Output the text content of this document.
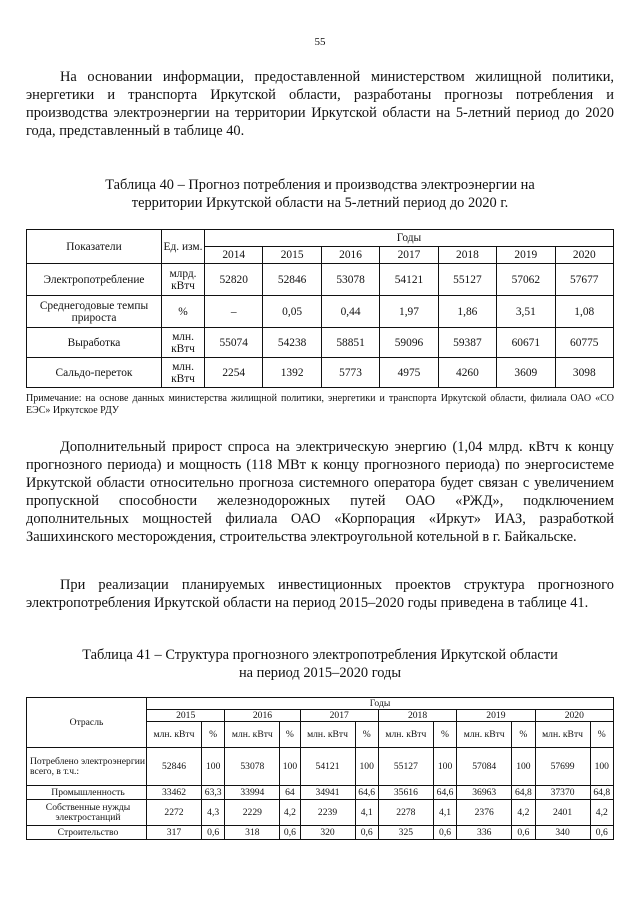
55
На основании информации, предоставленной министерством жилищной политики, энергетики и транспорта Иркутской области, разработаны прогнозы потребления и производства электроэнергии на территории Иркутской области на 5-летний период до 2020 года, представленный в таблице 40.
Таблица 40 – Прогноз потребления и производства электроэнергии на
территории Иркутской области на 5-летний период до 2020 г.
Показатели	Ед. изм.	Годы						
		2014	2015	2016	2017	2018	2019	2020
Электропотребление	млрд. кВтч	52820	52846	53078	54121	55127	57062	57677
Среднегодовые темпы прироста	%	–	0,05	0,44	1,97	1,86	3,51	1,08
Выработка	млн. кВтч	55074	54238	58851	59096	59387	60671	60775
Сальдо-переток	млн. кВтч	2254	1392	5773	4975	4260	3609	3098
Примечание: на основе данных министерства жилищной политики, энергетики и транспорта Иркутской области, филиала ОАО «СО ЕЭС» Иркутское РДУ
Дополнительный прирост спроса на электрическую энергию (1,04 млрд. кВтч к концу прогнозного периода) и мощность (118 МВт к концу прогнозного периода) по энергосистеме Иркутской области относительно прогноза системного оператора будет связан с увеличением пропускной способности железнодорожных путей ОАО «РЖД», подключением дополнительных мощностей филиала ОАО «Корпорация «Иркут» ИАЗ, разработкой Зашихинского месторождения, строительства электроугольной котельной в г. Байкальске.
При реализации планируемых инвестиционных проектов структура прогнозного электропотребления Иркутской области на период 2015–2020 годы приведена в таблице 41.
Таблица 41 – Структура прогнозного электропотребления Иркутской области
на период 2015–2020 годы
Отрасль	Годы											
	2015		2016		2017		2018		2019		2020	
	млн. кВтч	%	млн. кВтч	%	млн. кВтч	%	млн. кВтч	%	млн. кВтч	%	млн. кВтч	%
Потреблено электроэнергии всего, в т.ч.:	52846	100	53078	100	54121	100	55127	100	57084	100	57699	100
Промышленность	33462	63,3	33994	64	34941	64,6	35616	64,6	36963	64,8	37370	64,8
Собственные нужды электростанций	2272	4,3	2229	4,2	2239	4,1	2278	4,1	2376	4,2	2401	4,2
Строительство	317	0,6	318	0,6	320	0,6	325	0,6	336	0,6	340	0,6
